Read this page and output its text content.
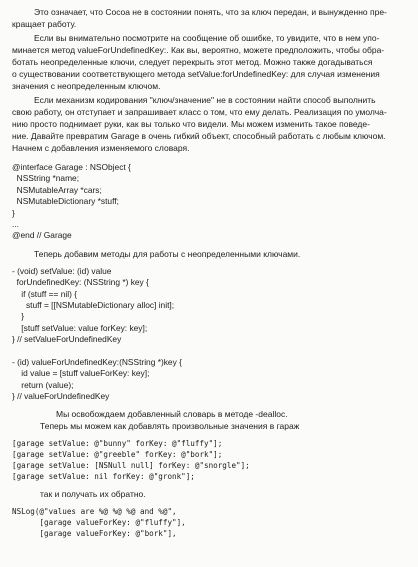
Это означает, что Cocoa не в состоянии понять, что за ключ передан, и вынужденно пре-
кращает работу.

Если вы внимательно посмотрите на сообщение об ошибке, то увидите, что в нем упо-
минается метод valueForUndefinedKey:. Как вы, вероятно, можете предположить, чтобы обра-
ботать неопределенные ключи, следует перекрыть этот метод. Можно также догадываться
о существовании соответствующего метода setValue:forUndefinedKey: для случая изменения
значения с неопределенным ключом.

Если механизм кодирования "ключ/значение" не в состоянии найти способ выполнить
свою работу, он отступает и запрашивает класс о том, что ему делать. Реализация по умолча-
нию просто поднимает руки, как вы только что видели. Мы можем изменить такое поведе-
ние. Давайте превратим Garage в очень гибкий объект, способный работать с любым ключом.
Начнем с добавления изменяемого словаря.

@interface Garage : NSObject {
NSString *name;
NSMutableArray *cars;
NSMutableDictionary *stuff;
}
...
@end // Garage

Теперь добавим методы для работы с неопределенными ключами.

- (void) setValue: (id) value
forUndefinedKey: (NSString *) key {
if (stuff == nil) {
stuff = [[NSMutableDictionary alloc] init];
}
[stuff setValue: value forKey: key];
} // setValueForUndefinedKey
- (id) valueForUndefinedKey:(NSString *)key {
id value = [stuff valueForKey: key];
return (value);
} // valueForUndefinedKey

Мы освобождаем добавленный словарь в методе -dealloc.

Теперь мы можем как добавлять произвольные значения в гараж

[garage setValue: @"bunny" forKey: @"fluffy"];
[garage setValue: @"greeble" forKey: @"bork"];
[garage setValue: [NSNull null] forKey: @"snorgle"];
[garage setValue: nil forKey: @"gronk"];

так и получать их обратно.

NSLog(@"values are %@ %@ %@ and %@",
[garage valueForKey: @"fluffy"],
[garage valueForKey: @"bork"],
